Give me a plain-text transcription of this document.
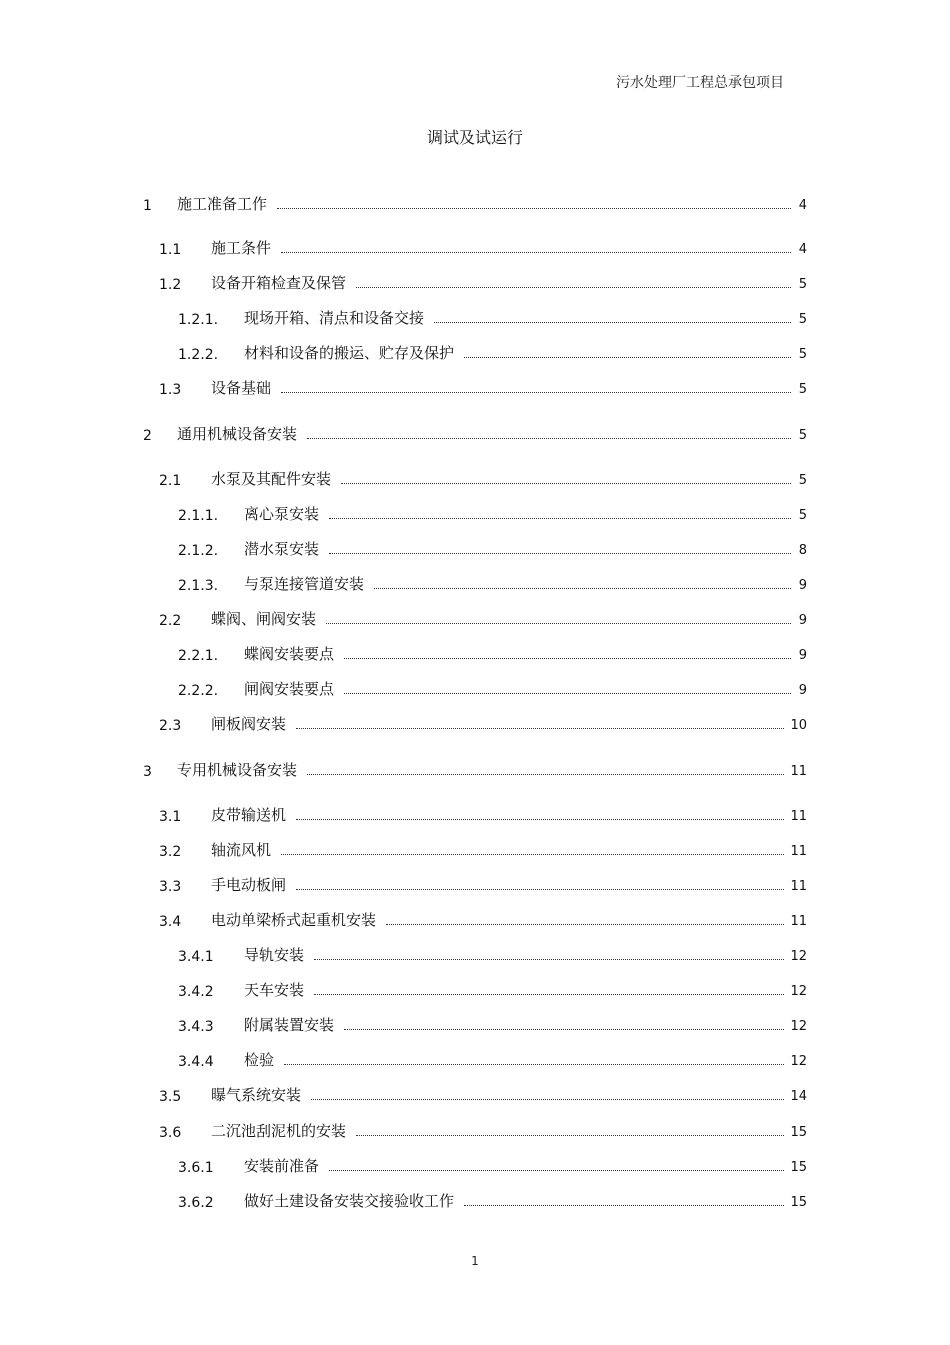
污水处理厂工程总承包项目
调试及试运行
1	施工准备工作	4
1.1	施工条件	4
1.2	设备开箱检查及保管	5
1.2.1.	现场开箱、清点和设备交接	5
1.2.2.	材料和设备的搬运、贮存及保护	5
1.3	设备基础	5
2	通用机械设备安装	5
2.1	水泵及其配件安装	5
2.1.1.	离心泵安装	5
2.1.2.	潜水泵安装	8
2.1.3.	与泵连接管道安装	9
2.2	蝶阀、闸阀安装	9
2.2.1.	蝶阀安装要点	9
2.2.2.	闸阀安装要点	9
2.3	闸板阀安装	10
3	专用机械设备安装	11
3.1	皮带输送机	11
3.2	轴流风机	11
3.3	手电动板闸	11
3.4	电动单梁桥式起重机安装	11
3.4.1	导轨安装	12
3.4.2	天车安装	12
3.4.3	附属装置安装	12
3.4.4	检验	12
3.5	曝气系统安装	14
3.6	二沉池刮泥机的安装	15
3.6.1	安装前准备	15
3.6.2	做好土建设备安装交接验收工作	15
1
